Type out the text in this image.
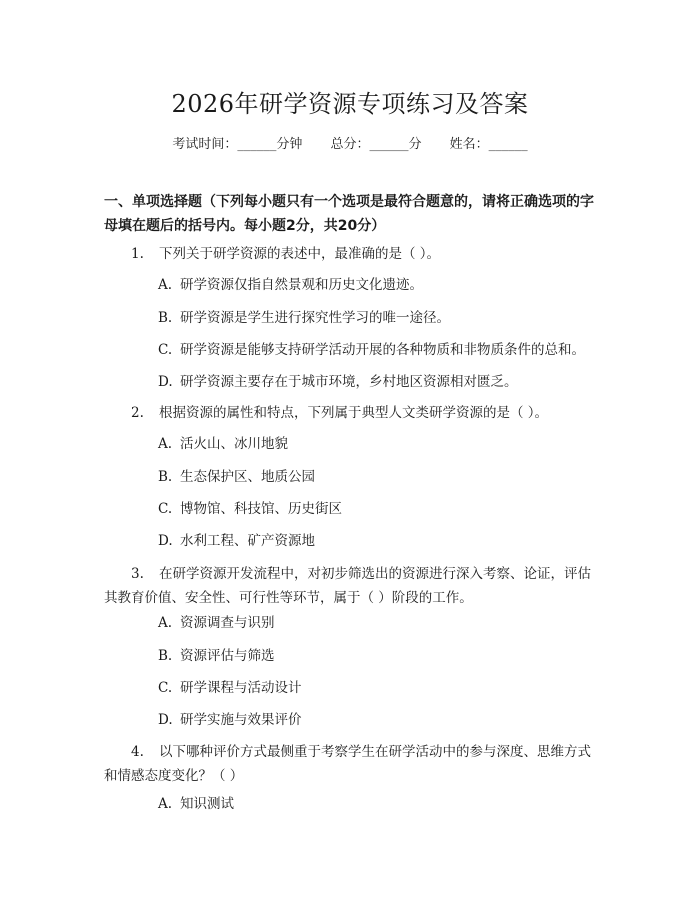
2026年研学资源专项练习及答案
考试时间：______分钟 总分：______分 姓名：______
一、单项选择题（下列每小题只有一个选项是最符合题意的，请将正确选项的字母填在题后的括号内。每小题2分，共20分）
1. 下列关于研学资源的表述中，最准确的是（ ）。
A. 研学资源仅指自然景观和历史文化遗迹。
B. 研学资源是学生进行探究性学习的唯一途径。
C. 研学资源是能够支持研学活动开展的各种物质和非物质条件的总和。
D. 研学资源主要存在于城市环境，乡村地区资源相对匮乏。
2. 根据资源的属性和特点，下列属于典型人文类研学资源的是（ ）。
A. 活火山、冰川地貌
B. 生态保护区、地质公园
C. 博物馆、科技馆、历史街区
D. 水利工程、矿产资源地
3. 在研学资源开发流程中，对初步筛选出的资源进行深入考察、论证，评估其教育价值、安全性、可行性等环节，属于（ ）阶段的工作。
A. 资源调查与识别
B. 资源评估与筛选
C. 研学课程与活动设计
D. 研学实施与效果评价
4. 以下哪种评价方式最侧重于考察学生在研学活动中的参与深度、思维方式和情感态度变化？（ ）
A. 知识测试
